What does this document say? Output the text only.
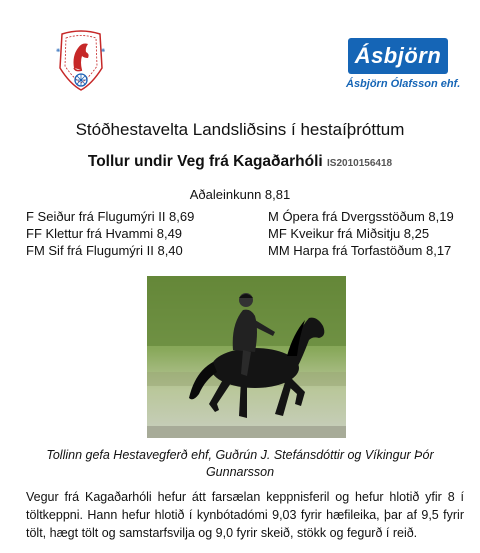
❋	❋	Ásbjörn
Ásbjörn Ólafsson ehf.
Stóðhestavelta Landsliðsins í hestaíþróttum
Tollur undir Veg frá Kagaðarhóli IS2010156418
Aðaleinkunn 8,81
F Seiður frá Flugumýri II 8,69
FF Klettur frá Hvammi 8,49
FM Sif frá Flugumýri II 8,40
M Ópera frá Dvergsstöðum 8,19
MF Kveikur frá Miðsitju 8,25
MM Harpa frá Torfastöðum 8,17
Tollinn gefa Hestavegferð ehf, Guðrún J. Stefánsdóttir og Víkingur Þór
Gunnarsson
Vegur frá Kagaðarhóli hefur átt farsælan keppnisferil og hefur hlotið yfir 8 í töltkeppni. Hann hefur hlotið í kynbótadómi 9,03 fyrir hæfileika, þar af 9,5 fyrir tölt, hægt tölt og samstarfsvilja og 9,0 fyrir skeið, stökk og fegurð í reið.
